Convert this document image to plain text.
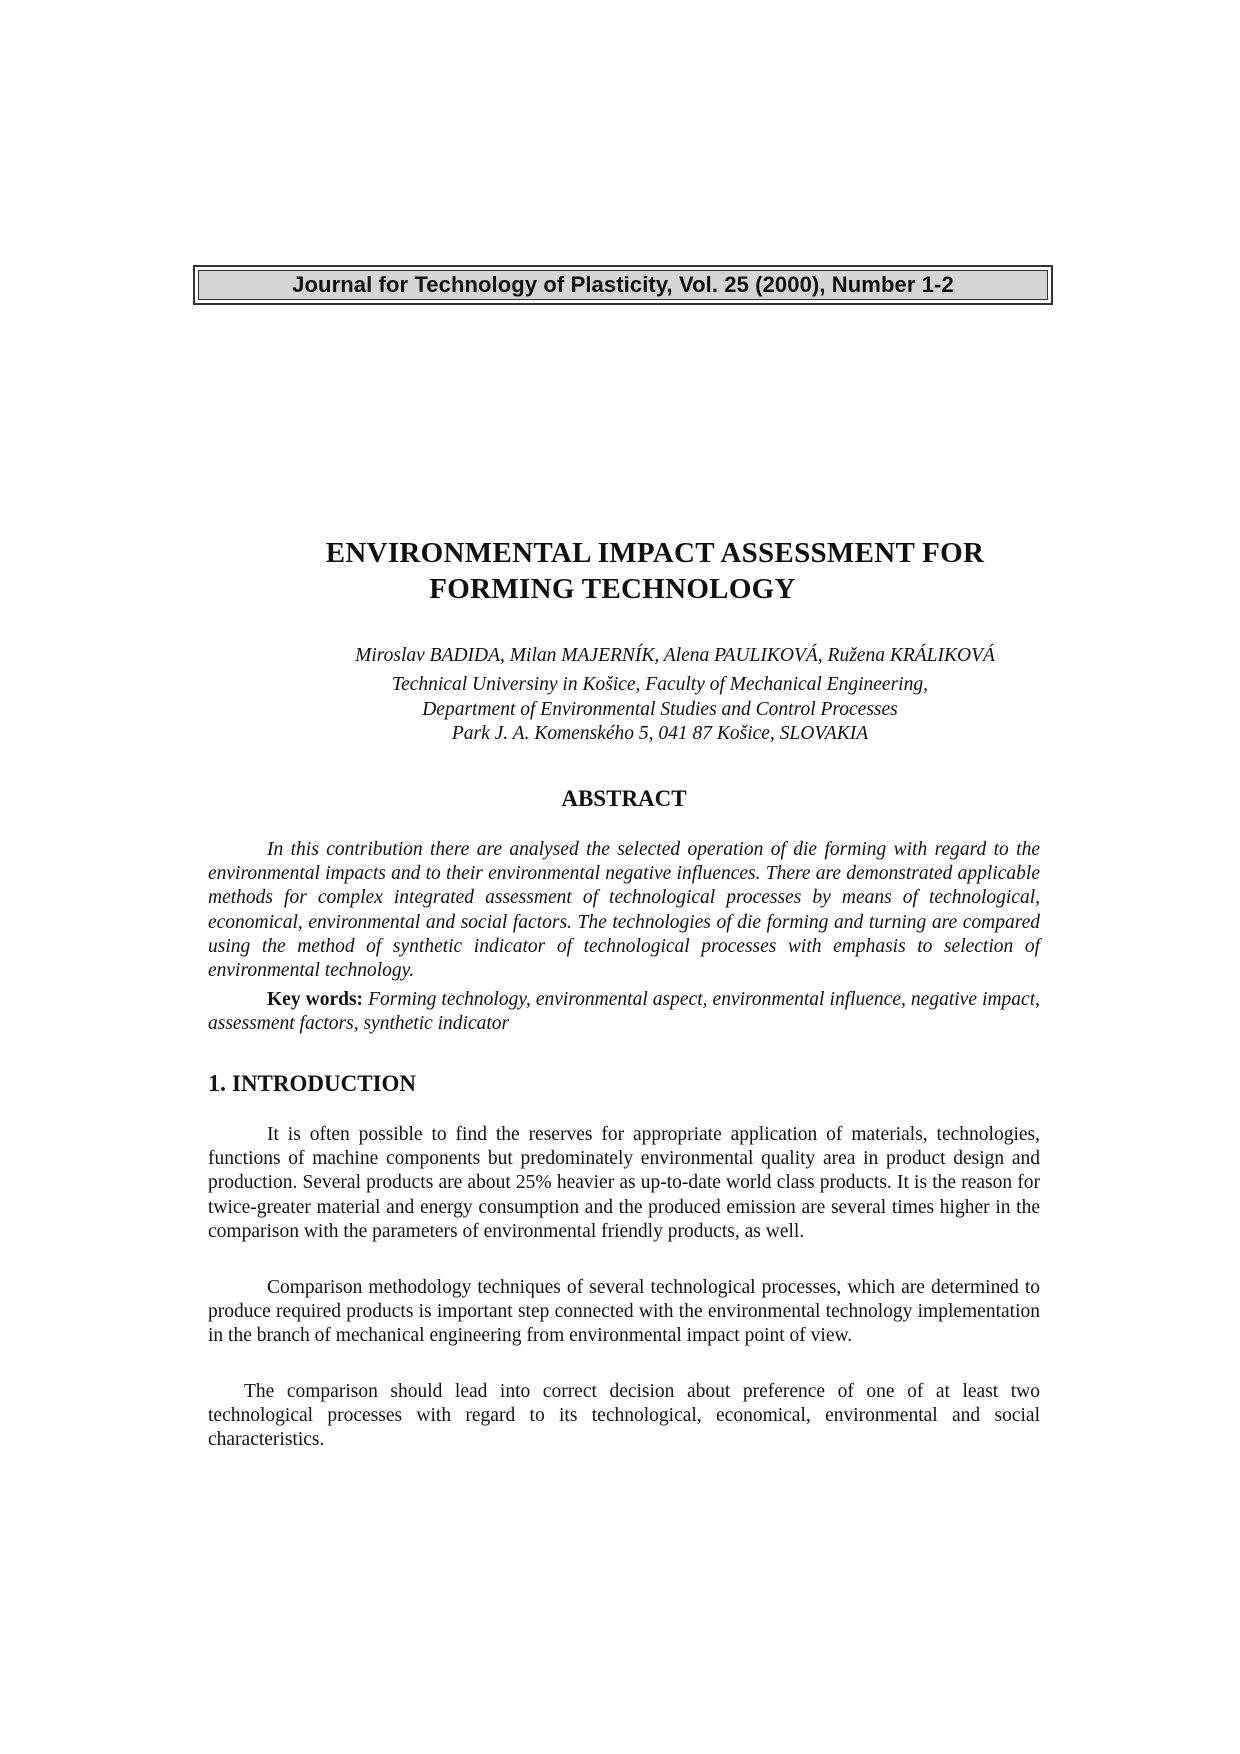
Journal for Technology of Plasticity, Vol. 25 (2000), Number 1-2
ENVIRONMENTAL IMPACT ASSESSMENT FOR
FORMING TECHNOLOGY
Miroslav BADIDA, Milan MAJERNÍK, Alena PAULIKOVÁ, Ružena KRÁLIKOVÁ
Technical Universiny in Košice, Faculty of Mechanical Engineering,
Department of Environmental Studies and Control Processes
Park J. A. Komenského 5, 041 87 Košice, SLOVAKIA
ABSTRACT

In this contribution there are analysed the selected operation of die forming with regard to the environmental impacts and to their environmental negative influences. There are demonstrated applicable methods for complex integrated assessment of technological processes by means of technological, economical, environmental and social factors. The technologies of die forming and turning are compared using the method of synthetic indicator of technological processes with emphasis to selection of environmental technology.

Key words: Forming technology, environmental aspect, environmental influence, negative impact, assessment factors, synthetic indicator

1. INTRODUCTION

It is often possible to find the reserves for appropriate application of materials, technologies, functions of machine components but predominately environmental quality area in product design and production. Several products are about 25% heavier as up-to-date world class products. It is the reason for twice-greater material and energy consumption and the produced emission are several times higher in the comparison with the parameters of environmental friendly products, as well.

Comparison methodology techniques of several technological processes, which are determined to produce required products is important step connected with the environmental technology implementation in the branch of mechanical engineering from environmental impact point of view.

The comparison should lead into correct decision about preference of one of at least two technological processes with regard to its technological, economical, environmental and social characteristics.
